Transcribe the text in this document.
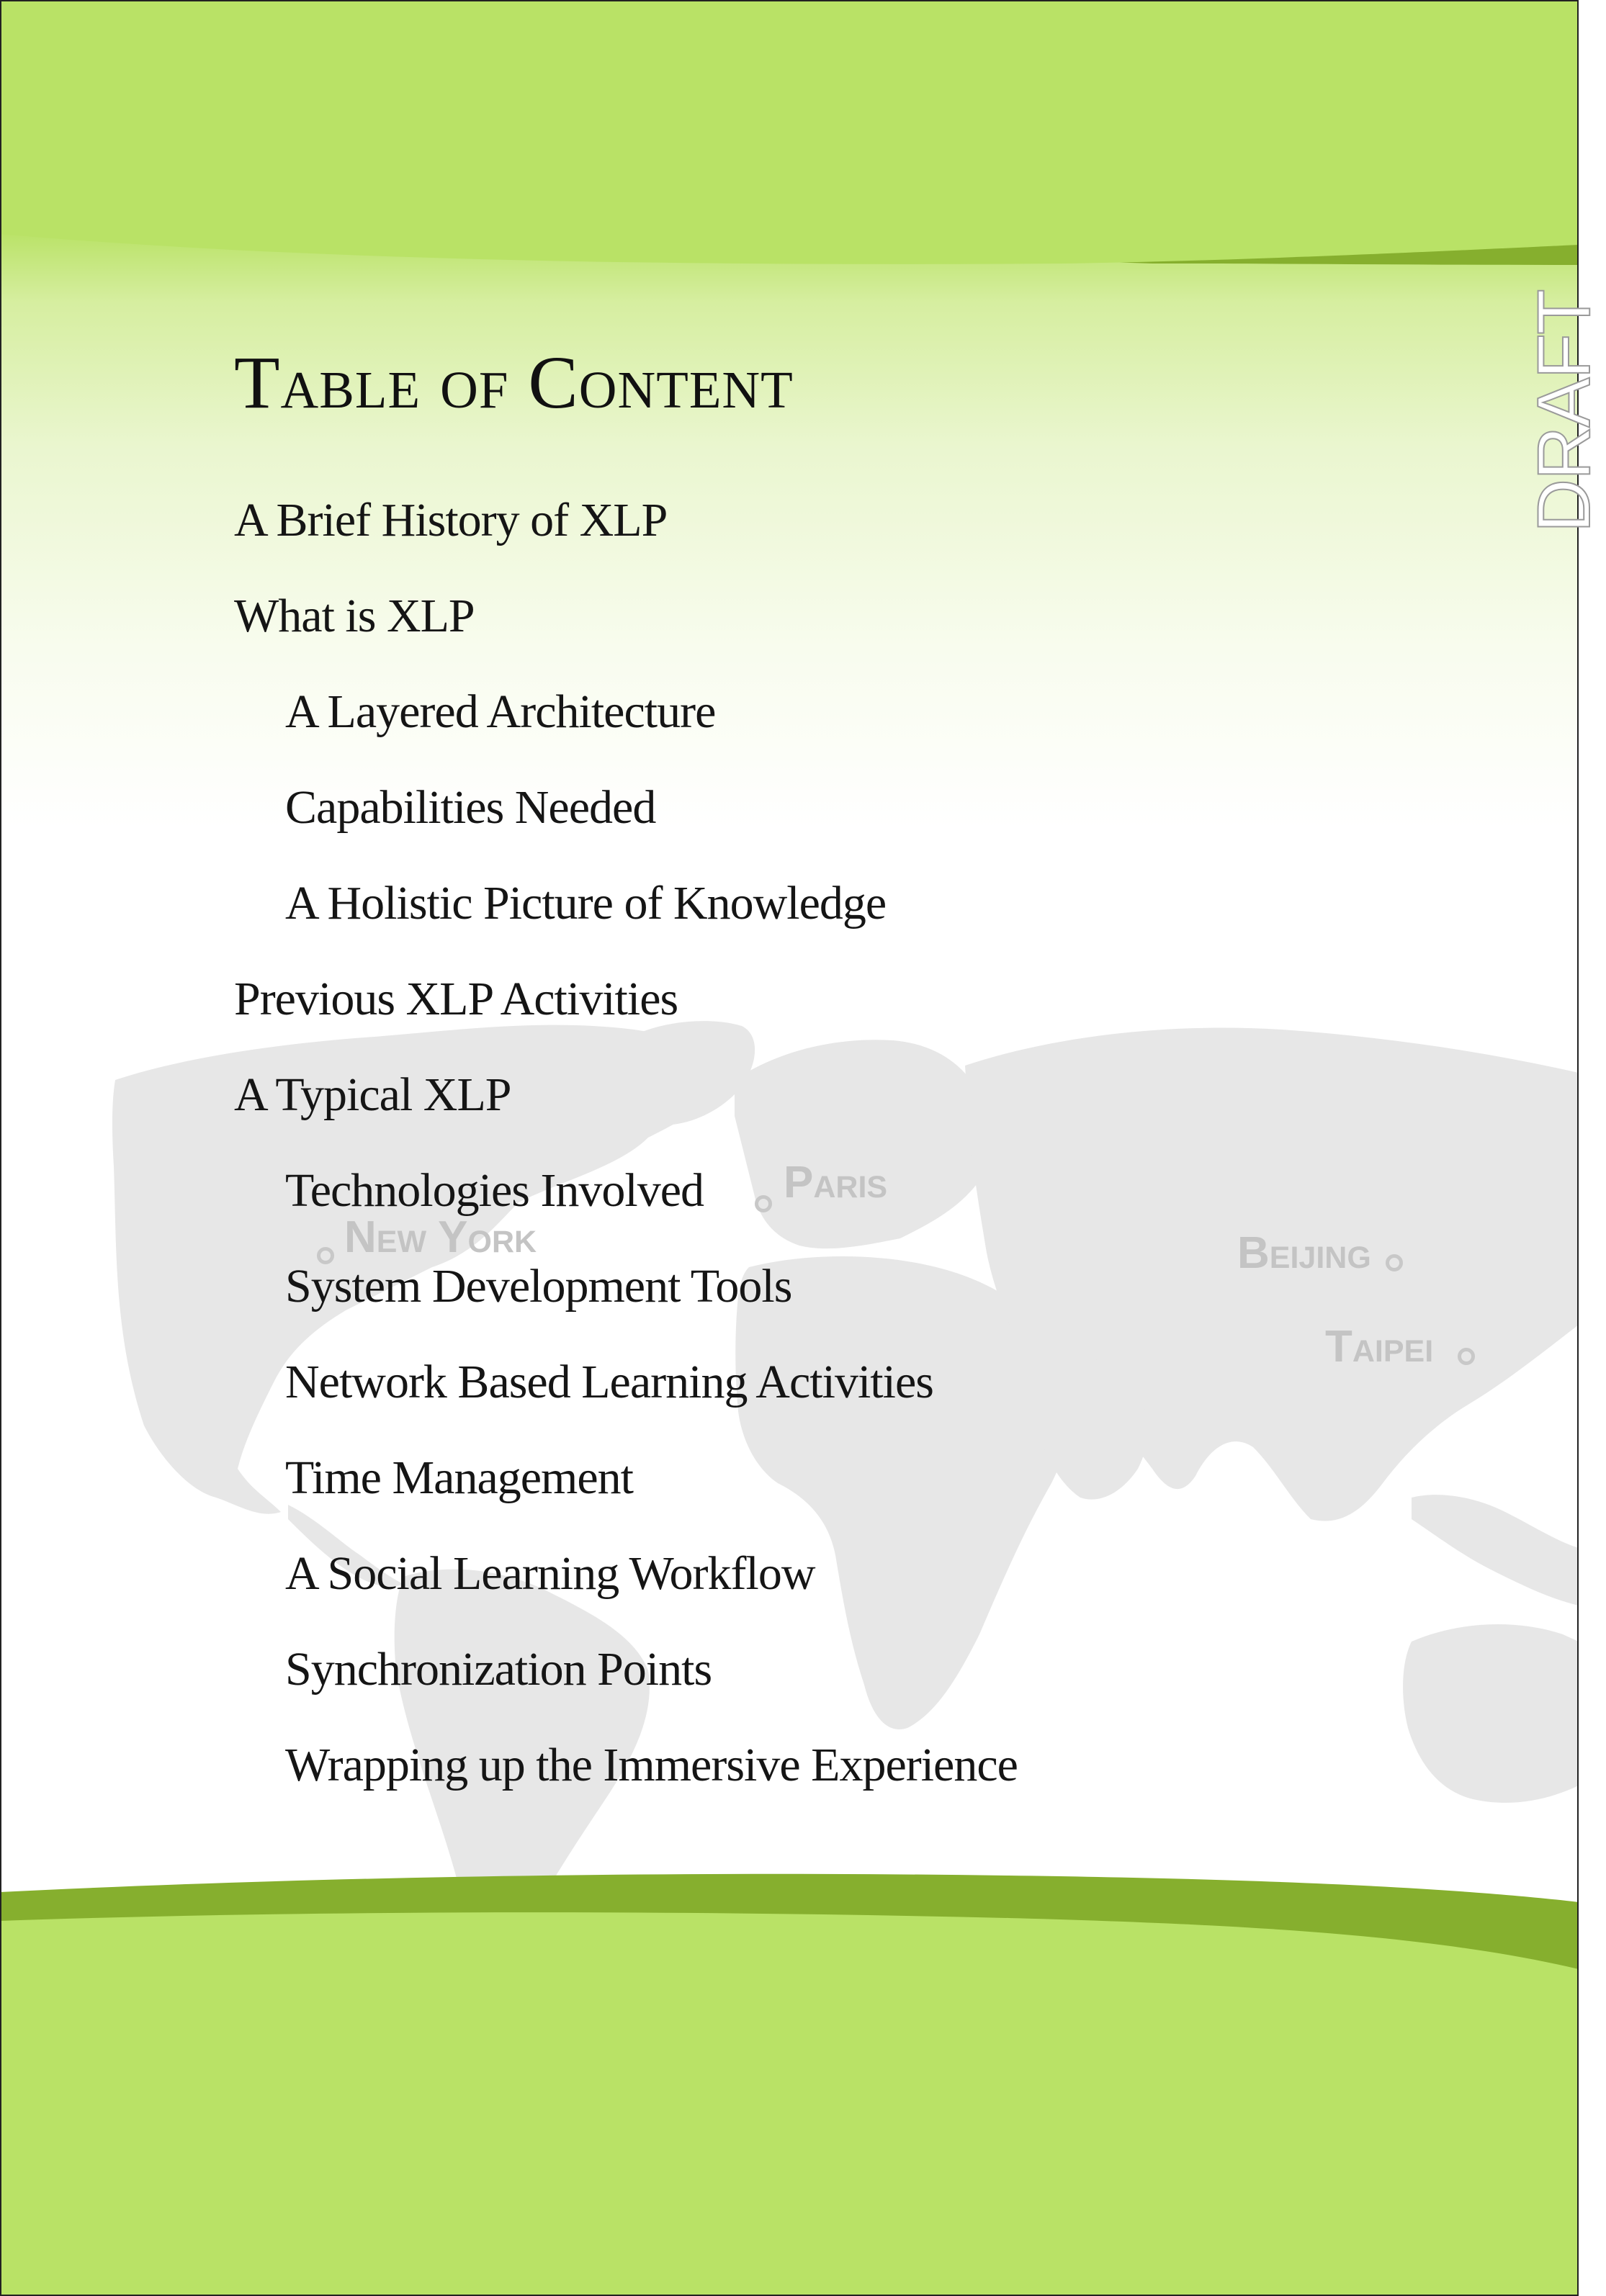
New York
Paris
Beijing
Taipei
DRAFT
Table of Content
A Brief History of XLP
What is XLP
A Layered Architecture
Capabilities Needed
A Holistic Picture of Knowledge
Previous XLP Activities
A Typical XLP
Technologies Involved
System Development Tools
Network Based Learning Activities
Time Management
A Social Learning Workflow
Synchronization Points
Wrapping up the Immersive Experience
